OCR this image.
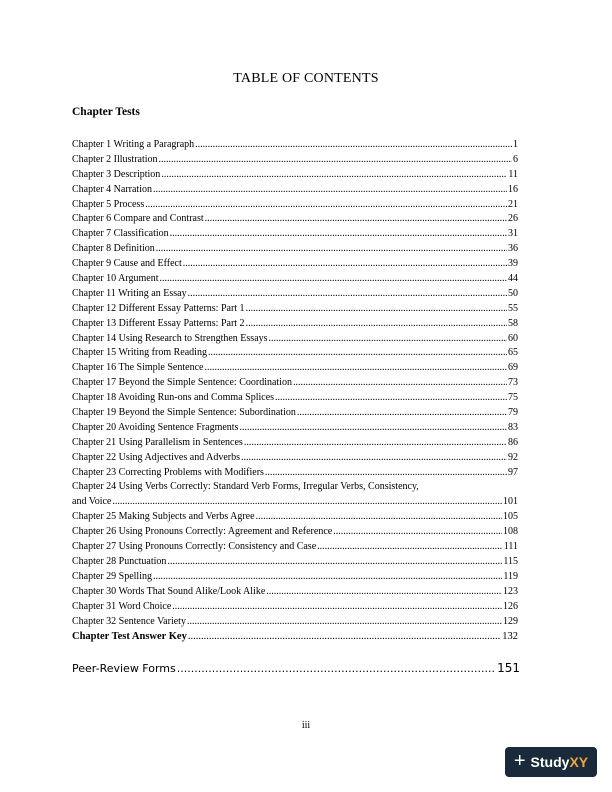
TABLE OF CONTENTS
Chapter Tests
Chapter 1 Writing a Paragraph .....	1
Chapter 2 Illustration .....	6
Chapter 3 Description .....	11
Chapter 4 Narration .....	16
Chapter 5 Process .....	21
Chapter 6 Compare and Contrast .....	26
Chapter 7 Classification .....	31
Chapter 8 Definition .....	36
Chapter 9 Cause and Effect .....	39
Chapter 10 Argument .....	44
Chapter 11 Writing an Essay .....	50
Chapter 12 Different Essay Patterns: Part 1 .....	55
Chapter 13 Different Essay Patterns: Part 2 .....	58
Chapter 14 Using Research to Strengthen Essays .....	60
Chapter 15 Writing from Reading .....	65
Chapter 16 The Simple Sentence .....	69
Chapter 17 Beyond the Simple Sentence: Coordination .....	73
Chapter 18 Avoiding Run-ons and Comma Splices .....	75
Chapter 19 Beyond the Simple Sentence: Subordination .....	79
Chapter 20 Avoiding Sentence Fragments .....	83
Chapter 21 Using Parallelism in Sentences .....	86
Chapter 22 Using Adjectives and Adverbs .....	92
Chapter 23 Correcting Problems with Modifiers .....	97
Chapter 24 Using Verbs Correctly: Standard Verb Forms, Irregular Verbs, Consistency,
and Voice .....	101
Chapter 25 Making Subjects and Verbs Agree .....	105
Chapter 26 Using Pronouns Correctly: Agreement and Reference .....	108
Chapter 27 Using Pronouns Correctly: Consistency and Case .....	111
Chapter 28 Punctuation .....	115
Chapter 29 Spelling .....	119
Chapter 30 Words That Sound Alike/Look Alike .....	123
Chapter 31 Word Choice .....	126
Chapter 32 Sentence Variety .....	129
Chapter Test Answer Key .....	132
Peer-Review Forms .....	151
iii
+ StudyXY
